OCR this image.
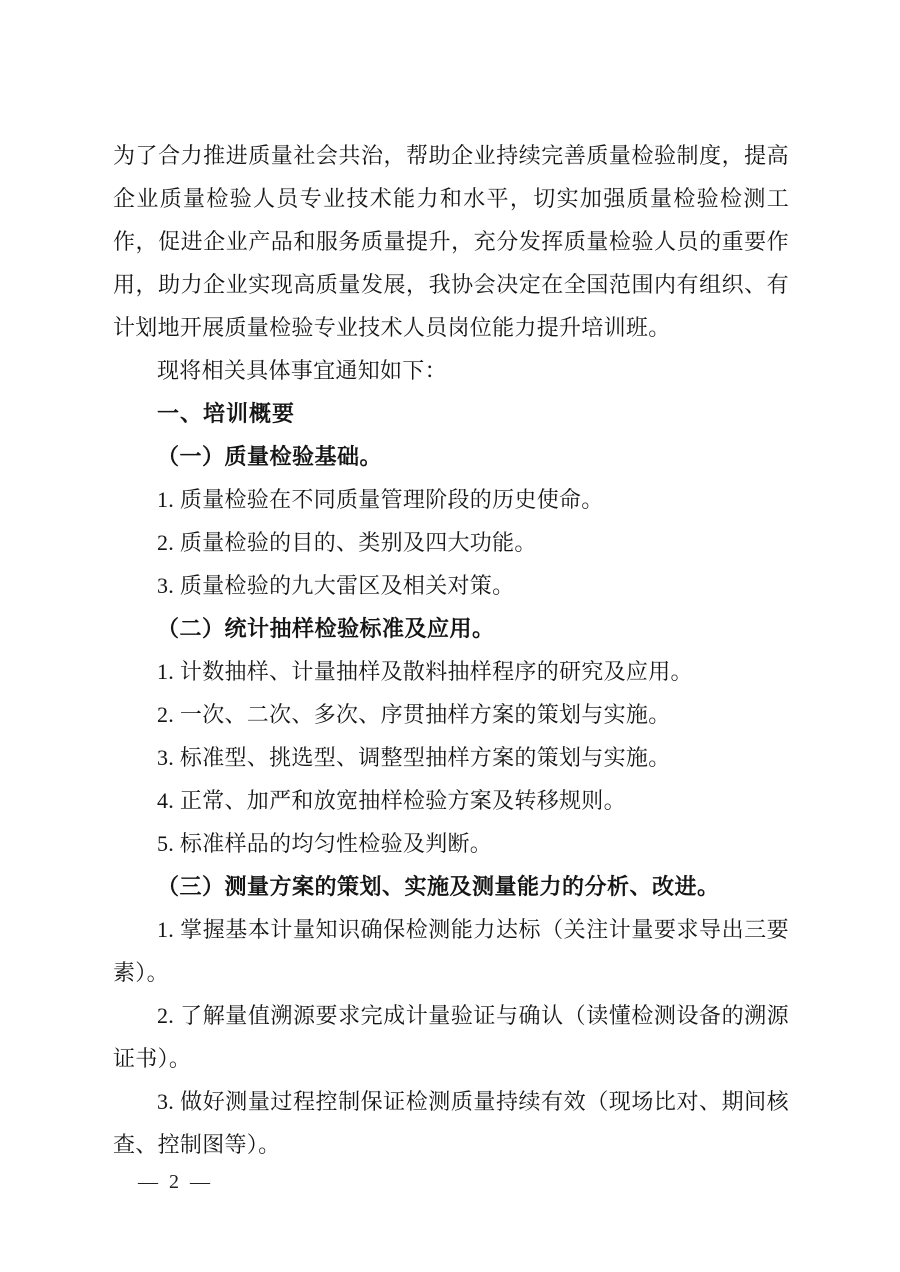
为了合力推进质量社会共治，帮助企业持续完善质量检验制度，提高企业质量检验人员专业技术能力和水平，切实加强质量检验检测工作，促进企业产品和服务质量提升，充分发挥质量检验人员的重要作用，助力企业实现高质量发展，我协会决定在全国范围内有组织、有计划地开展质量检验专业技术人员岗位能力提升培训班。

现将相关具体事宜通知如下：

一、培训概要

（一）质量检验基础。

1. 质量检验在不同质量管理阶段的历史使命。

2. 质量检验的目的、类别及四大功能。

3. 质量检验的九大雷区及相关对策。

（二）统计抽样检验标准及应用。

1. 计数抽样、计量抽样及散料抽样程序的研究及应用。

2. 一次、二次、多次、序贯抽样方案的策划与实施。

3. 标准型、挑选型、调整型抽样方案的策划与实施。

4. 正常、加严和放宽抽样检验方案及转移规则。

5. 标准样品的均匀性检验及判断。

（三）测量方案的策划、实施及测量能力的分析、改进。

1. 掌握基本计量知识确保检测能力达标（关注计量要求导出三要素）。

2. 了解量值溯源要求完成计量验证与确认（读懂检测设备的溯源证书）。

3. 做好测量过程控制保证检测质量持续有效（现场比对、期间核查、控制图等）。

— 2 —
